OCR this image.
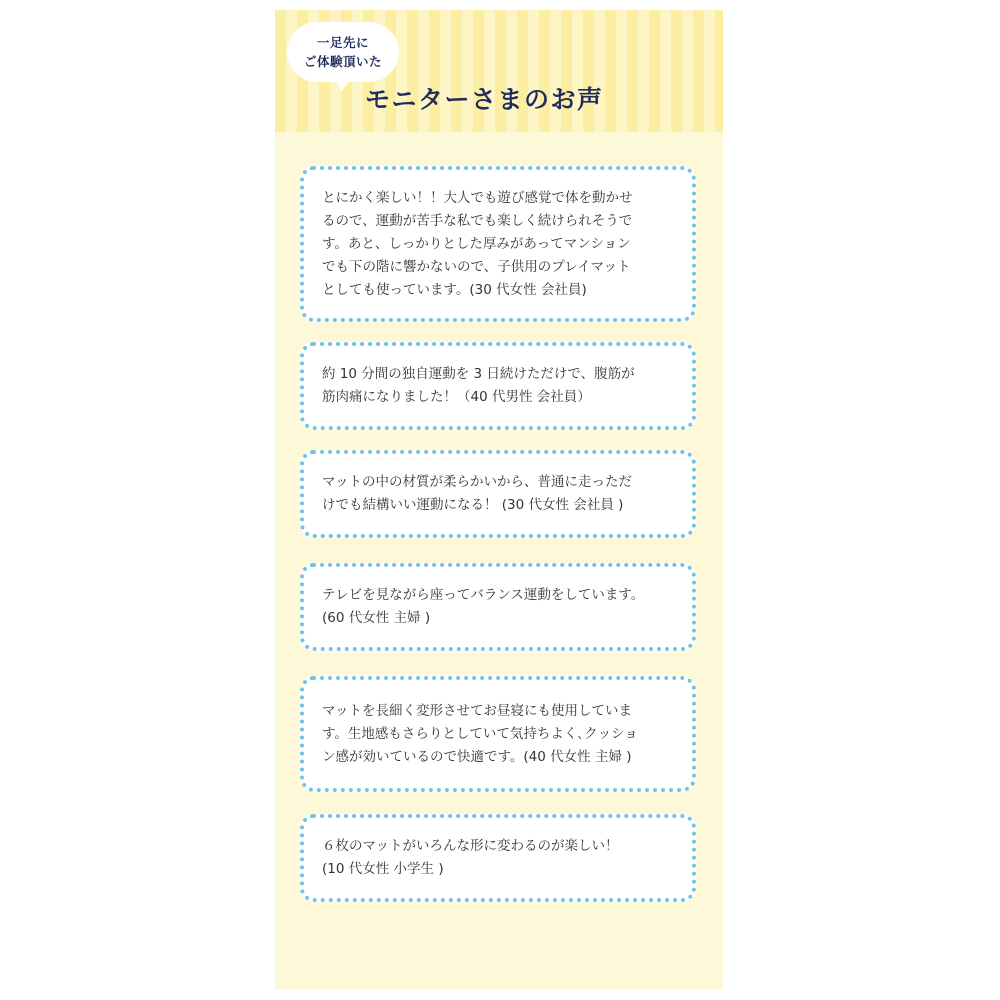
一足先に
ご体験頂いた
モニターさまのお声

とにかく楽しい！！大人でも遊び感覚で体を動かせ

るので、運動が苦手な私でも楽しく続けられそうで

す。あと、しっかりとした厚みがあってマンション

でも下の階に響かないので、子供用のプレイマット

としても使っています。(30 代女性 会社員)

約 10 分間の独自運動を 3 日続けただけで、腹筋が

筋肉痛になりました！（40 代男性 会社員）

マットの中の材質が柔らかいから、普通に走っただ

けでも結構いい運動になる！ (30 代女性 会社員 )

テレビを見ながら座ってバランス運動をしています。

(60 代女性 主婦 )

マットを長細く変形させてお昼寝にも使用していま

す。生地感もさらりとしていて気持ちよく､クッショ

ン感が効いているので快適です。(40 代女性 主婦 )

６枚のマットがいろんな形に変わるのが楽しい！

(10 代女性 小学生 )
